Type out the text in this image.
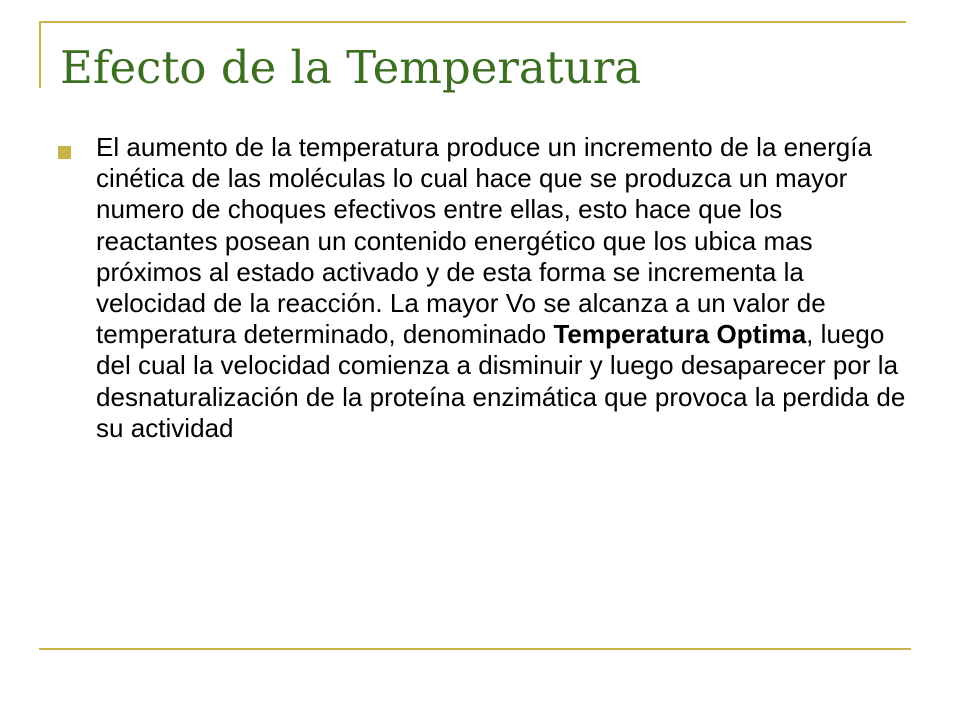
Efecto de la Temperatura

El aumento de la temperatura produce un incremento de la energía cinética de las moléculas lo cual hace que se produzca un mayor numero de choques efectivos entre ellas, esto hace que los reactantes posean un contenido energético que los ubica mas próximos al estado activado y de esta forma se incrementa la velocidad de la reacción. La mayor Vo se alcanza a un valor de temperatura determinado, denominado Temperatura Optima, luego del cual la velocidad comienza a disminuir y luego desaparecer por la desnaturalización de la proteína enzimática que provoca la perdida de su actividad
